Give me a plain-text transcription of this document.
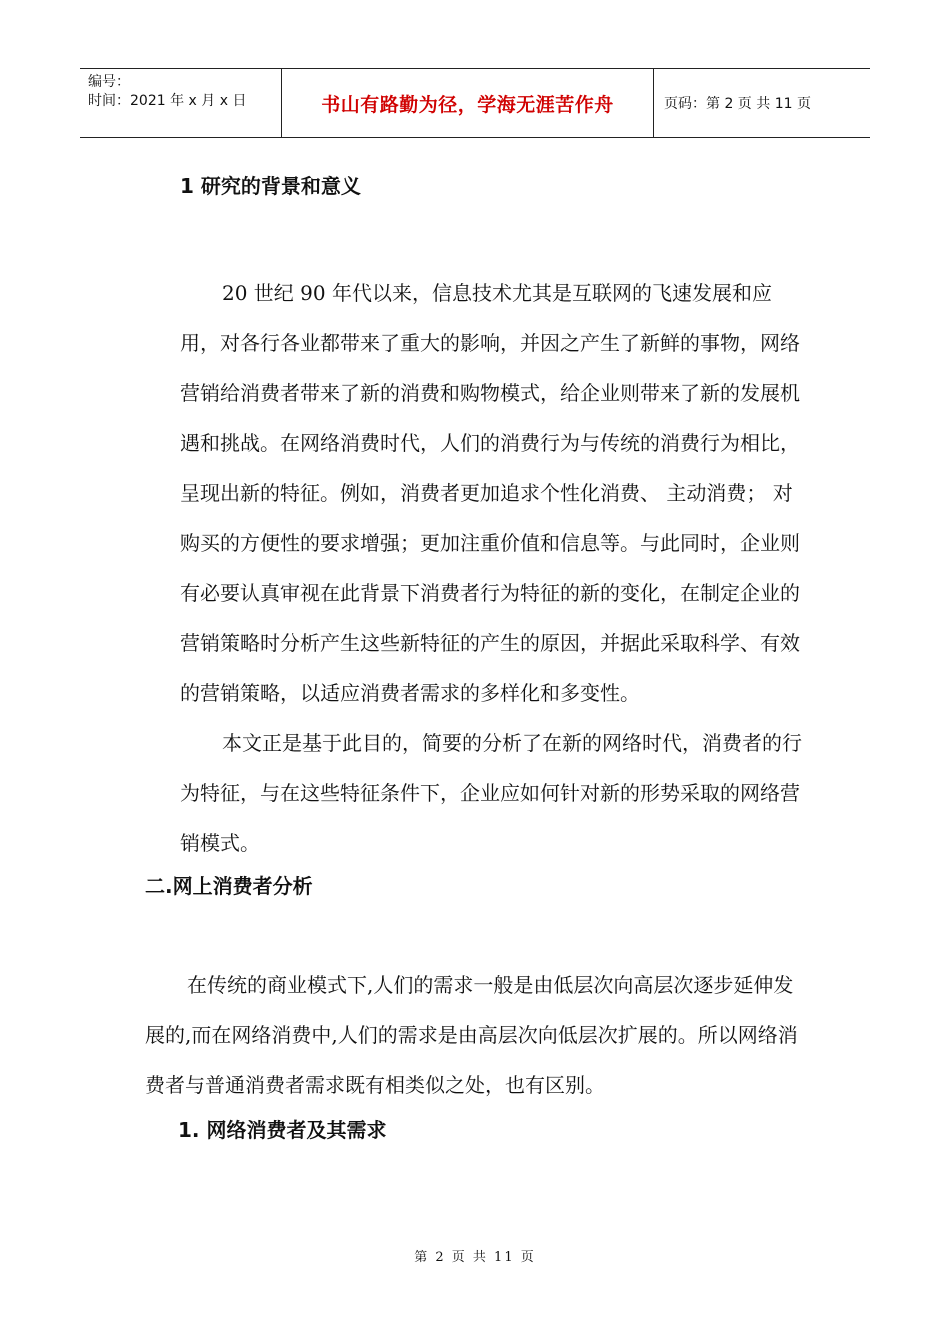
编号：
时间：2021 年 x 月 x 日	书山有路勤为径，学海无涯苦作舟	页码：第 2 页 共 11 页
1 研究的背景和意义

20 世纪 90 年代以来，信息技术尤其是互联网的飞速发展和应用，对各行各业都带来了重大的影响，并因之产生了新鲜的事物，网络营销给消费者带来了新的消费和购物模式，给企业则带来了新的发展机遇和挑战。在网络消费时代，人们的消费行为与传统的消费行为相比，呈现出新的特征。例如，消费者更加追求个性化消费、 主动消费； 对购买的方便性的要求增强；更加注重价值和信息等。与此同时，企业则有必要认真审视在此背景下消费者行为特征的新的变化，在制定企业的营销策略时分析产生这些新特征的产生的原因，并据此采取科学、有效的营销策略，以适应消费者需求的多样化和多变性。

本文正是基于此目的，简要的分析了在新的网络时代，消费者的行为特征，与在这些特征条件下，企业应如何针对新的形势采取的网络营销模式。

二.网上消费者分析

在传统的商业模式下,人们的需求一般是由低层次向高层次逐步延伸发展的,而在网络消费中,人们的需求是由高层次向低层次扩展的。所以网络消费者与普通消费者需求既有相类似之处，也有区别。

1. 网络消费者及其需求
第 2 页 共 11 页
